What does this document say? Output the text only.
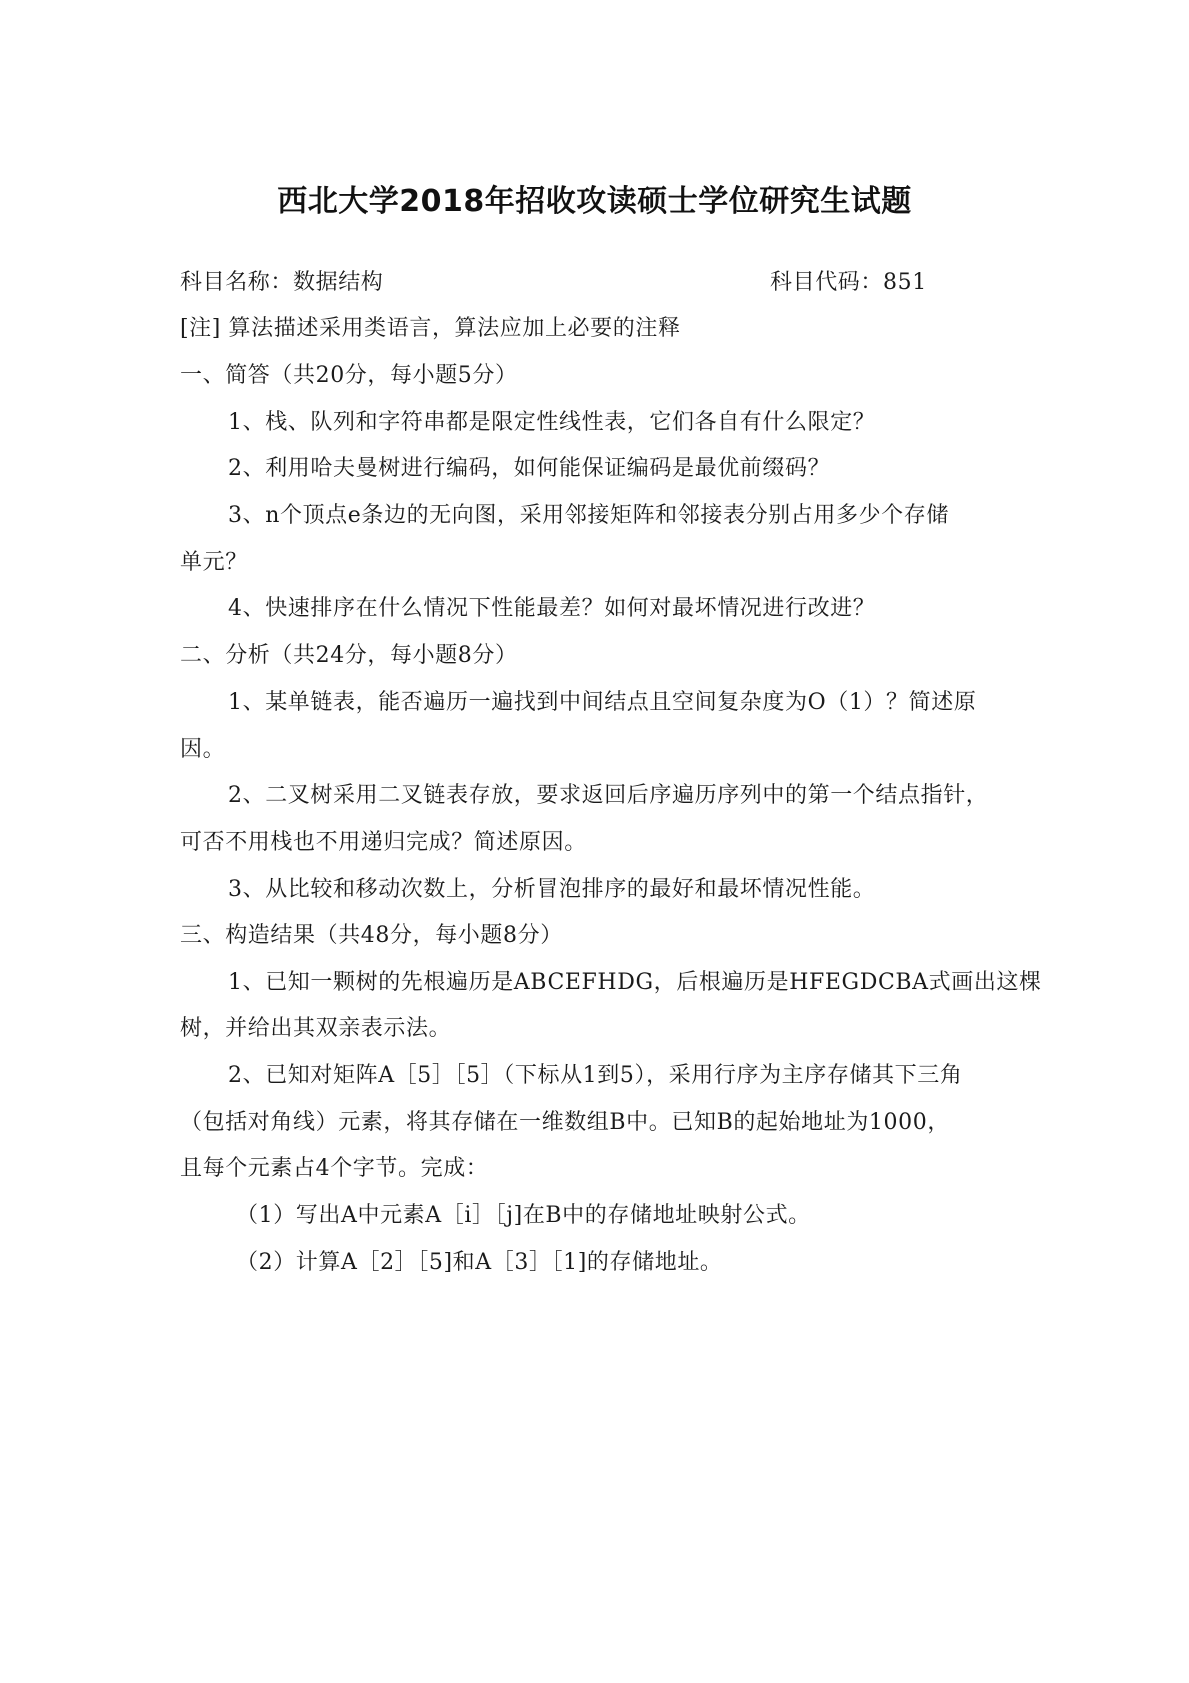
西北大学2018年招收攻读硕士学位研究生试题
科目名称：数据结构	科目代码：851
[注] 算法描述采用类语言，算法应加上必要的注释
一、简答（共20分，每小题5分）
1、栈、队列和字符串都是限定性线性表，它们各自有什么限定？
2、利用哈夫曼树进行编码，如何能保证编码是最优前缀码？
3、n个顶点e条边的无向图，采用邻接矩阵和邻接表分别占用多少个存储
单元？
4、快速排序在什么情况下性能最差？如何对最坏情况进行改进？
二、分析（共24分，每小题8分）
1、某单链表，能否遍历一遍找到中间结点且空间复杂度为O（1）？简述原
因。
2、二叉树采用二叉链表存放，要求返回后序遍历序列中的第一个结点指针，
可否不用栈也不用递归完成？简述原因。
3、从比较和移动次数上，分析冒泡排序的最好和最坏情况性能。
三、构造结果（共48分，每小题8分）
1、已知一颗树的先根遍历是ABCEFHDG，后根遍历是HFEGDCBA式画出这棵
树，并给出其双亲表示法。
2、已知对矩阵A［5］［5］（下标从1到5），采用行序为主序存储其下三角
（包括对角线）元素，将其存储在一维数组B中。已知B的起始地址为1000，
且每个元素占4个字节。完成：
（1）写出A中元素A［i］［j]在B中的存储地址映射公式。
（2）计算A［2］［5]和A［3］［1]的存储地址。
